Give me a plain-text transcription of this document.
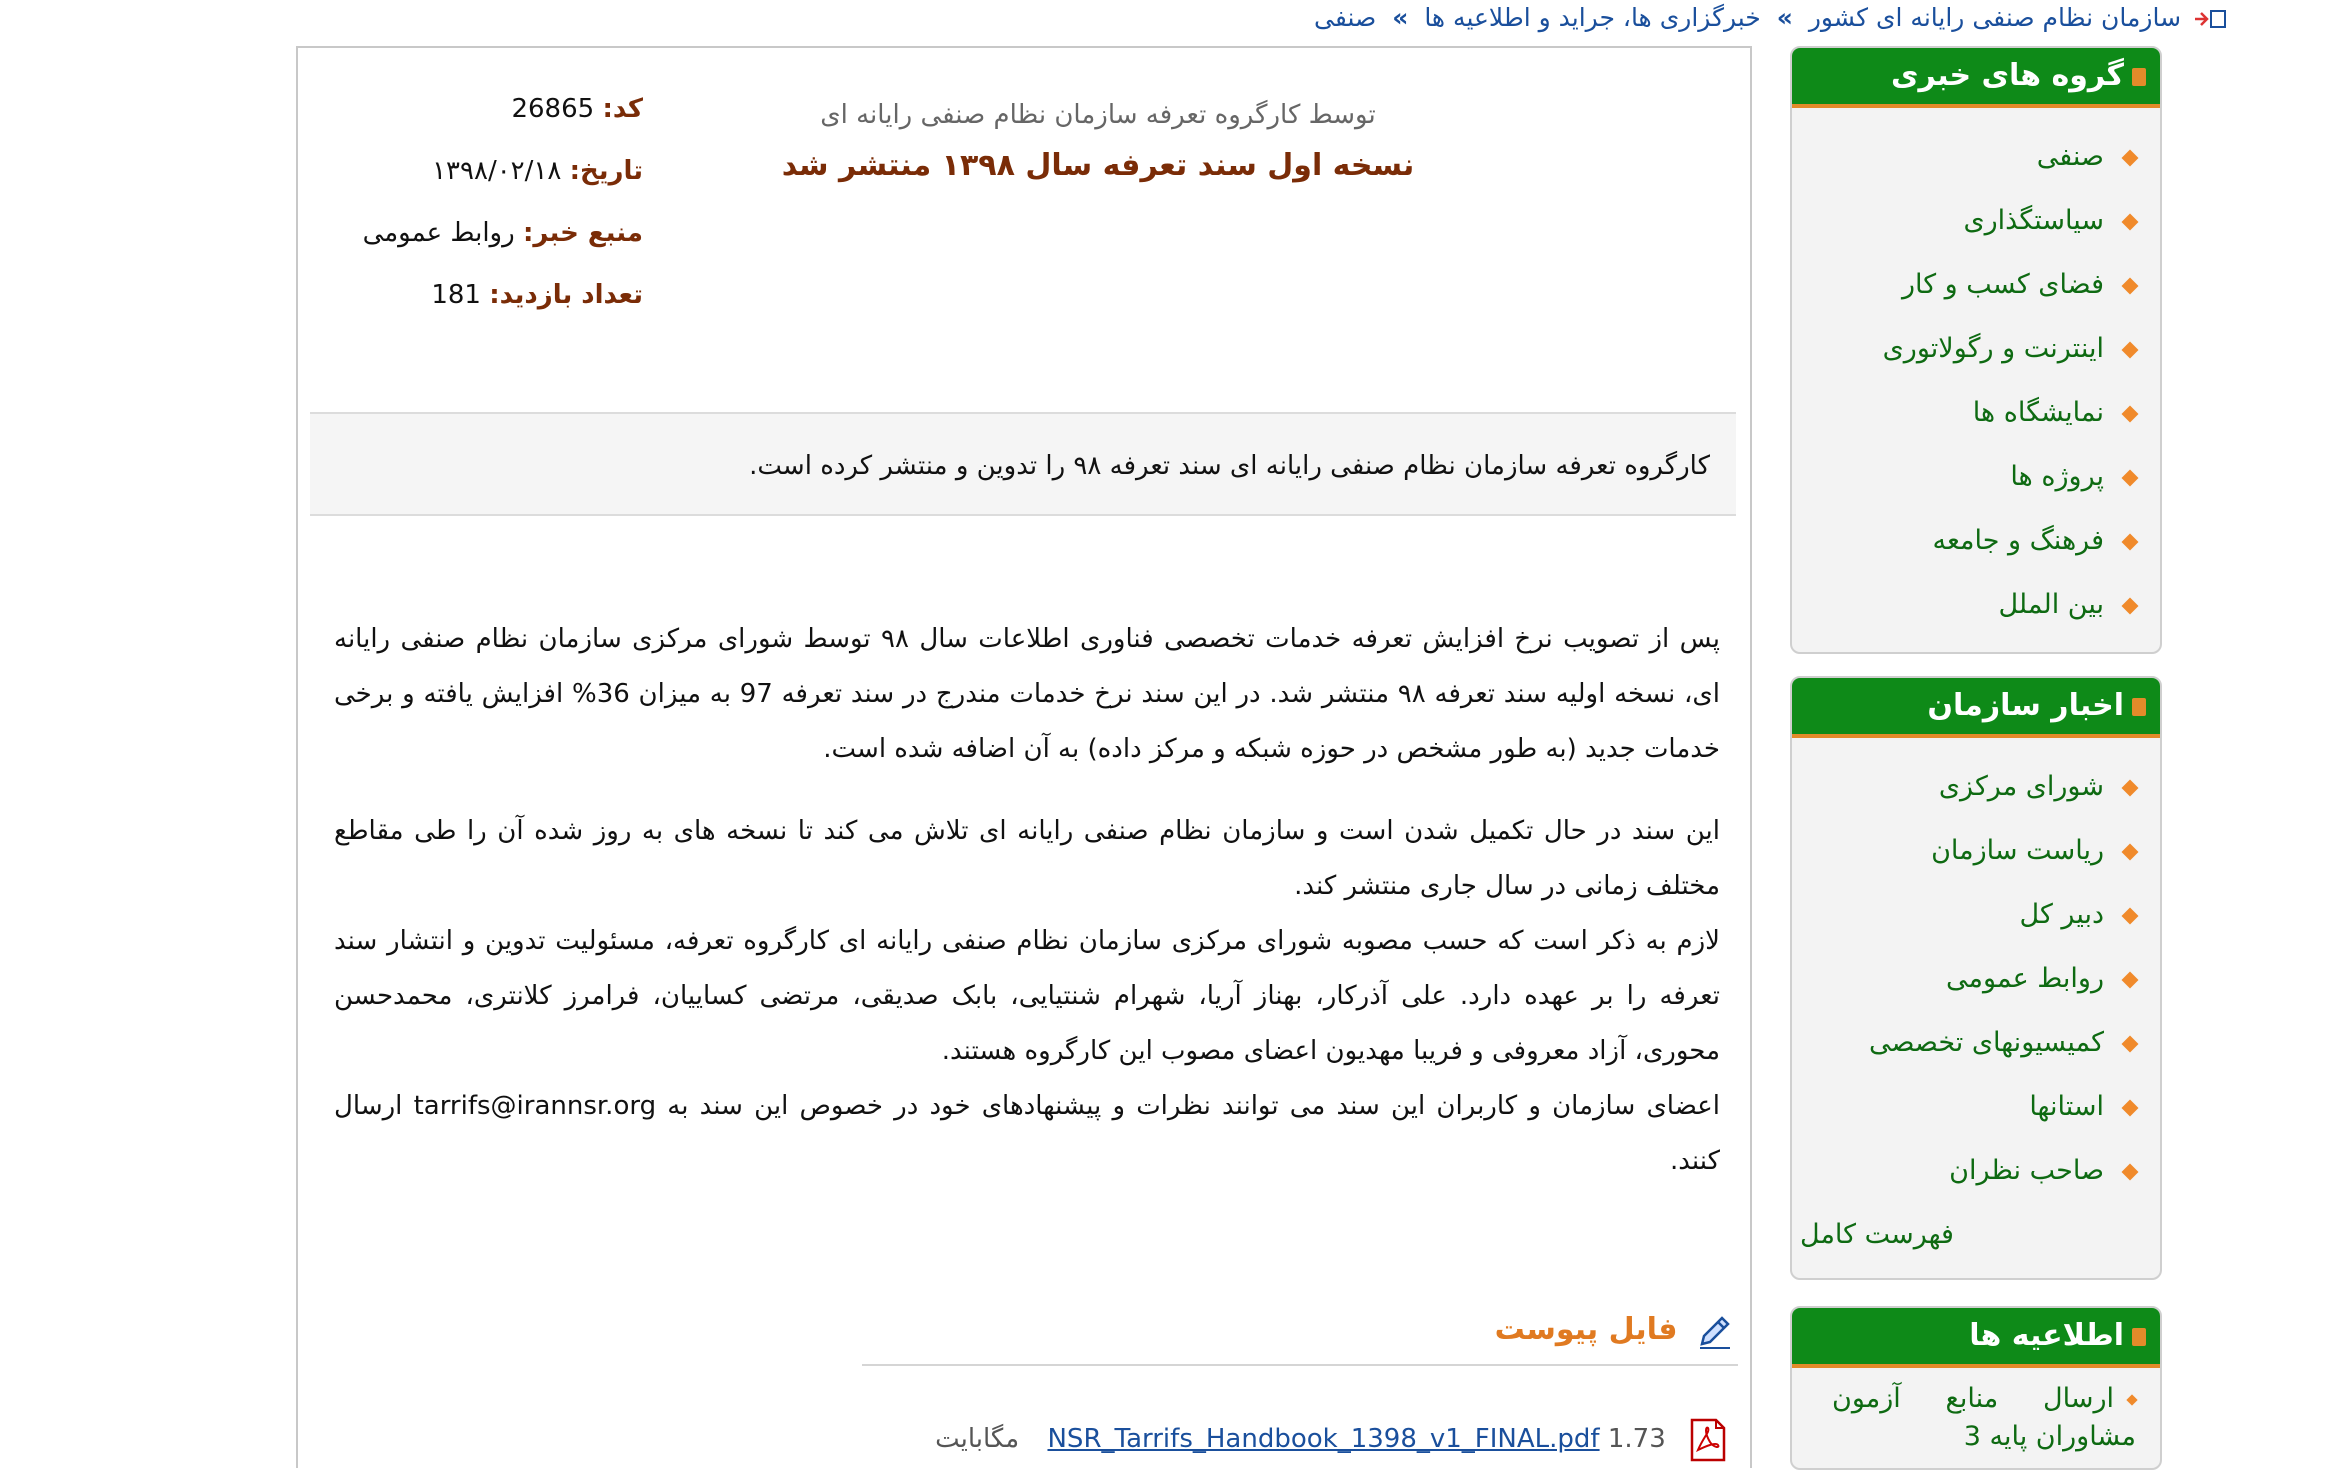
سازمان نظام صنفی رایانه ای کشور » خبرگزاری ها، جراید و اطلاعیه ها » صنفی
کد: 26865
تاریخ: ۱۳۹۸/۰۲/۱۸
منبع خبر: روابط عمومی
تعداد بازدید: 181
توسط کارگروه تعرفه سازمان نظام صنفی رایانه ای
نسخه اول سند تعرفه سال ۱۳۹۸ منتشر شد
کارگروه تعرفه سازمان نظام صنفی رایانه ای سند تعرفه ۹۸ را تدوین و منتشر کرده است.

پس از تصویب نرخ افزایش تعرفه خدمات تخصصی فناوری اطلاعات سال ۹۸ توسط شورای مرکزی سازمان نظام صنفی رایانه ای، نسخه اولیه سند تعرفه ۹۸ منتشر شد. در این سند نرخ خدمات مندرج در سند تعرفه 97 به میزان 36% افزایش یافته و برخی خدمات جدید (به طور مشخص در حوزه شبکه و مرکز داده) به آن اضافه شده است.

این سند در حال تکمیل شدن است و سازمان نظام صنفی رایانه ای تلاش می کند تا نسخه های به روز شده آن را طی مقاطع مختلف زمانی در سال جاری منتشر کند.

لازم به ذکر است که حسب مصوبه شورای مرکزی سازمان نظام صنفی رایانه ای کارگروه تعرفه، مسئولیت تدوین و انتشار سند تعرفه را بر عهده دارد. علی آذرکار، بهناز آریا، شهرام شنتیایی، بابک صدیقی، مرتضی کساییان، فرامرز کلانتری، محمدحسن محوری، آزاد معروفی و فریبا مهدیون اعضای مصوب این کارگروه هستند.

اعضای سازمان و کاربران این سند می توانند نظرات و پیشنهادهای خود در خصوص این سند به tarrifs@irannsr.org ارسال کنند.

فایل پیوست
NSR_Tarrifs_Handbook_1398_v1_FINAL.pdf 1.73 مگابایت
گروه های خبری
صنفی
سیاستگذاری
فضای کسب و کار
اینترنت و رگولاتوری
نمایشگاه ها
پروژه ها
فرهنگ و جامعه
بین الملل
اخبار سازمان
شورای مرکزی
ریاست سازمان
دبیر کل
روابط عمومی
کمیسیونهای تخصصی
استانها
صاحب نظران
فهرست کامل
اطلاعیه ها
ارسال منابع آزمون مشاوران پایه 3
